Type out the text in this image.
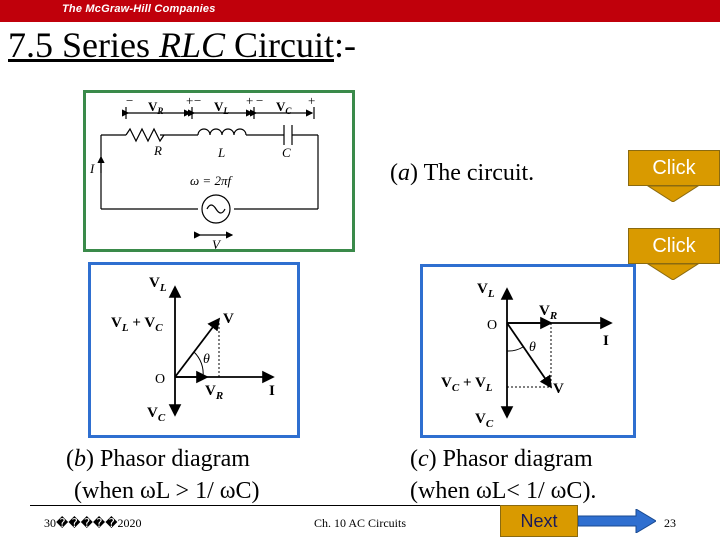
The McGraw-Hill Companies
7.5 Series RLC Circuit:-
−	+ −	+ −	+
$V_R$	$V_L$	$V_C$
R	L	C
I
ω = 2πf
V
(a) The circuit.	Click
Click
$V_L$
$V_L + V_C$
V
$V_R$	I
$V_C$
θ
O
$V_L$
$V_R$
I
$V_C + V_L$	V
$V_C$
O
θ
(b) Phasor diagram
(when ωL > 1/ ωC)
(c) Phasor diagram
(when ωL< 1/ ωC).
30�����2020	Ch. 10 AC Circuits	23
Next
